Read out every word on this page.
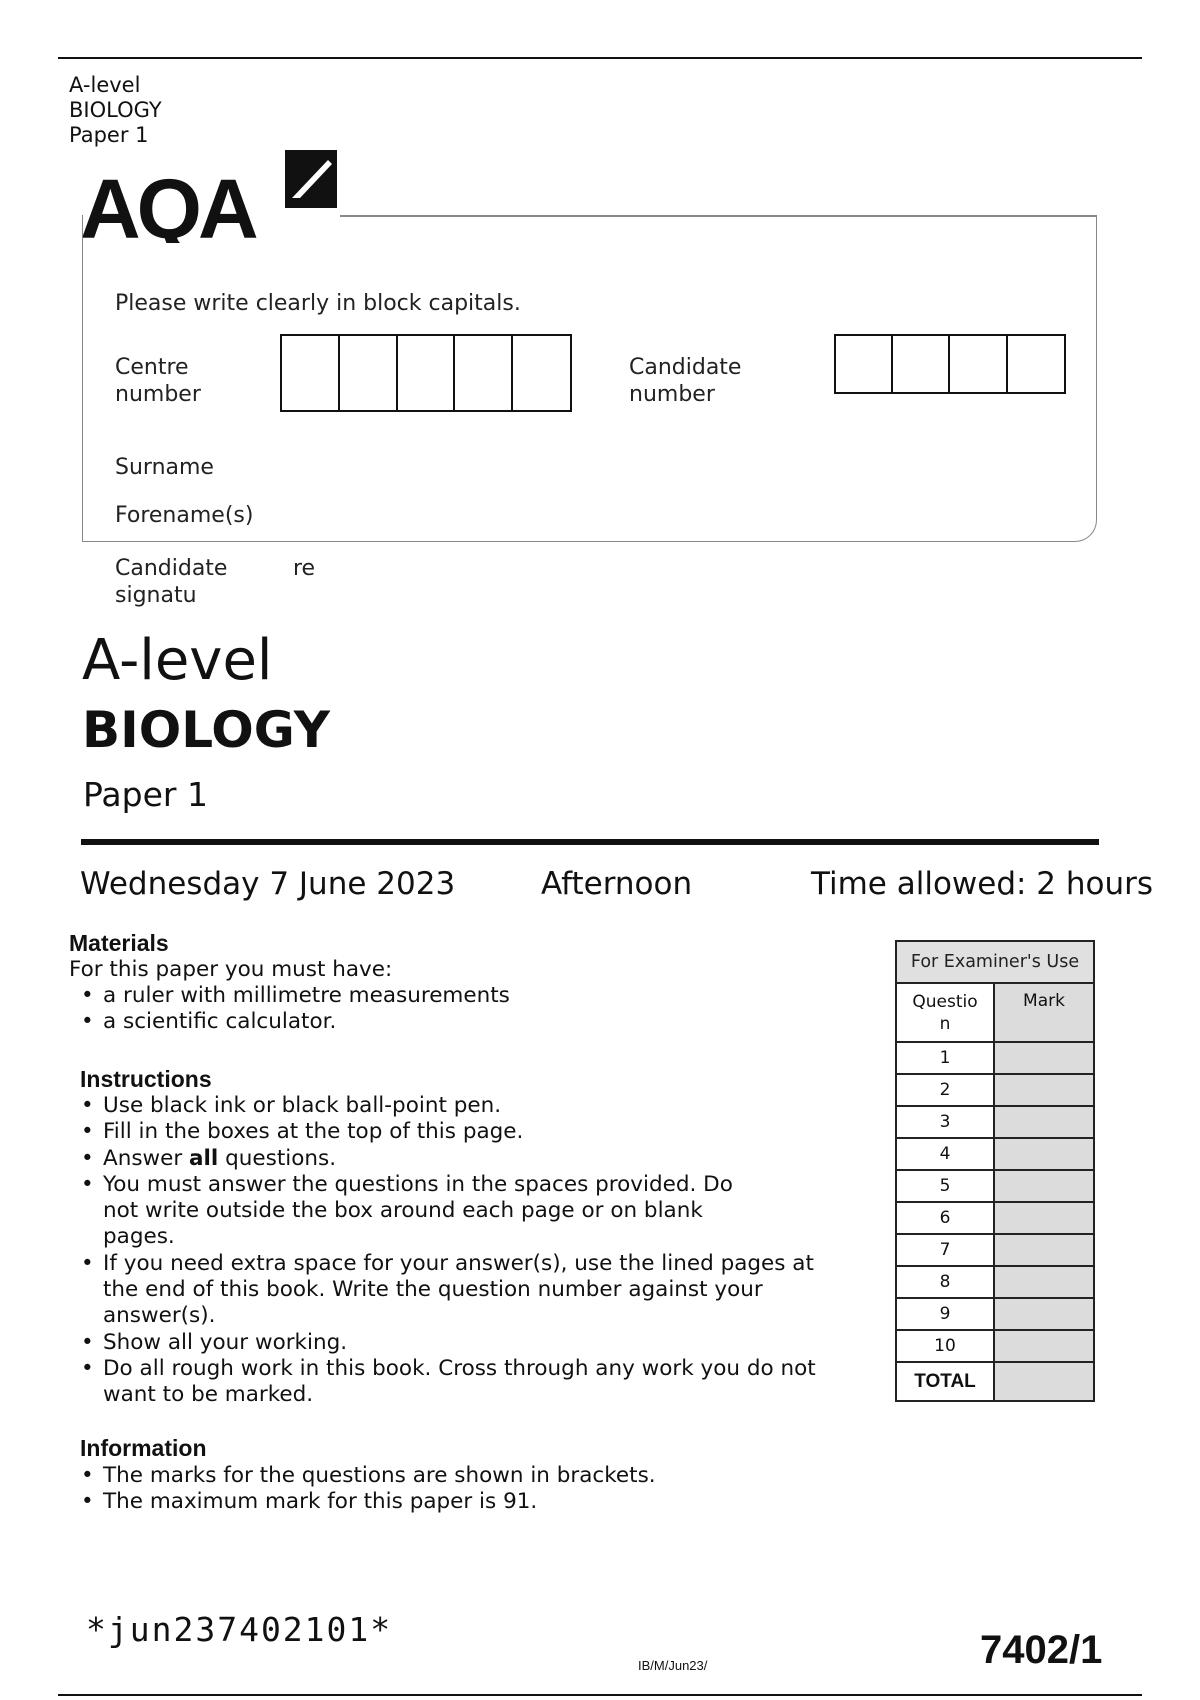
A-level
BIOLOGY
Paper 1
AQA
Please write clearly in block capitals.
Centre
number
Candidate
number
Surname
Forename(s)
Candidate
signatu
re
A-level
BIOLOGY
Paper 1
Wednesday 7 June 2023	Afternoon	Time allowed: 2 hours
Materials
For this paper you must have:
• a ruler with millimetre measurements
• a scientific calculator.
Instructions
• Use black ink or black ball-point pen.
• Fill in the boxes at the top of this page.
• Answer all questions.
• You must answer the questions in the spaces provided. Do not write outside the box around each page or on blank pages.
• If you need extra space for your answer(s), use the lined pages at the end of this book. Write the question number against your answer(s).
• Show all your working.
• Do all rough work in this book. Cross through any work you do not want to be marked.
Information
• The marks for the questions are shown in brackets.
• The maximum mark for this paper is 91.
For Examiner's Use	

Questio
n	Mark
1	
2	
3	
4	
5	
6	
7	
8	
9	
10	
TOTAL	
*jun237402101*
IB/M/Jun23/	7402/1
